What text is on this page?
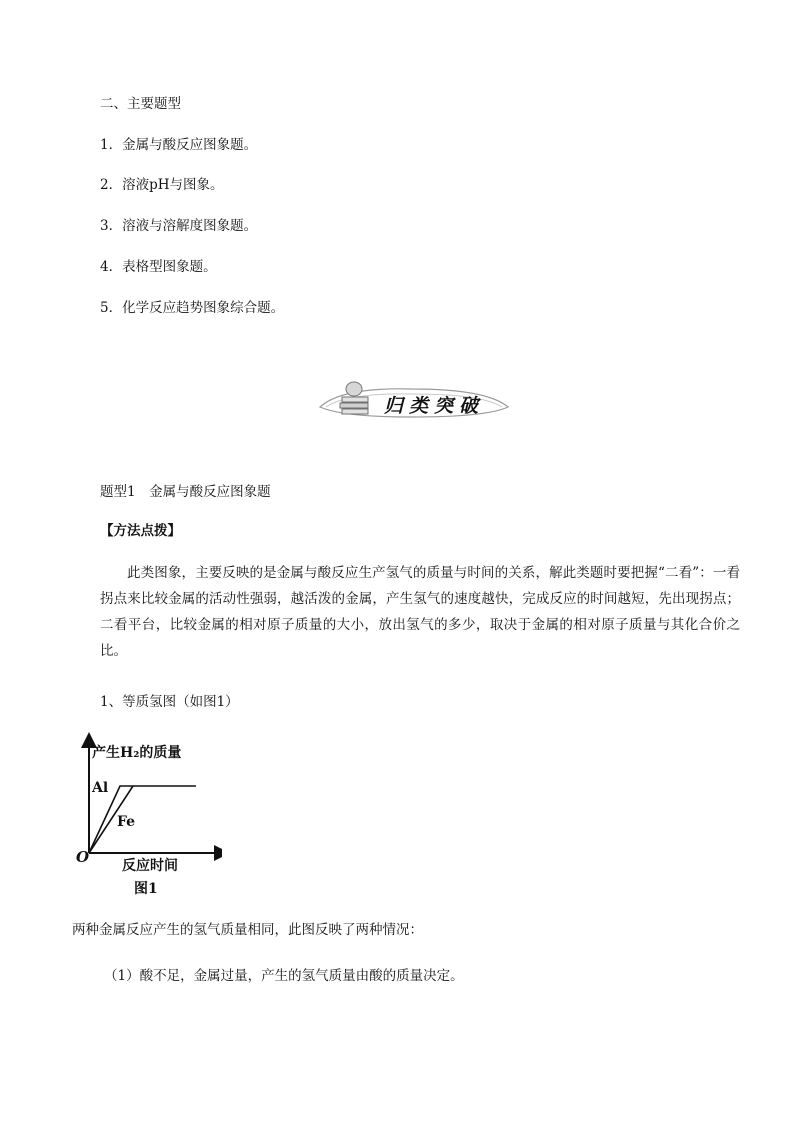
二、主要题型
1．金属与酸反应图象题。
2．溶液pH与图象。
3．溶液与溶解度图象题。
4．表格型图象题。
5．化学反应趋势图象综合题。
归类突破
题型1　金属与酸反应图象题
【方法点拨】
此类图象，主要反映的是金属与酸反应生产氢气的质量与时间的关系，解此类题时要把握“二看”：一看拐点来比较金属的活动性强弱，越活泼的金属，产生氢气的速度越快，完成反应的时间越短，先出现拐点；二看平台，比较金属的相对原子质量的大小，放出氢气的多少，取决于金属的相对原子质量与其化合价之比。
1、等质氢图（如图1）
产生H₂的质量
Al
Fe
O 反应时间
图1
两种金属反应产生的氢气质量相同，此图反映了两种情况：
（1）酸不足，金属过量，产生的氢气质量由酸的质量决定。
